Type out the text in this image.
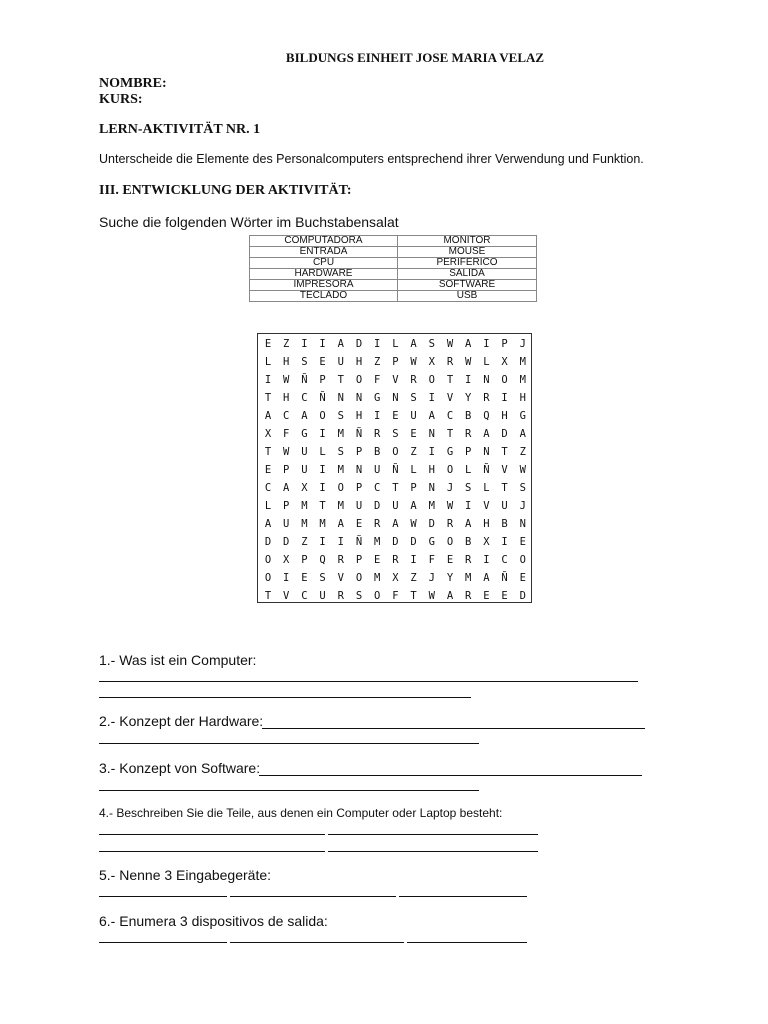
BILDUNGS EINHEIT JOSE MARIA VELAZ
NOMBRE:
KURS:
LERN-AKTIVITÄT NR. 1
Unterscheide die Elemente des Personalcomputers entsprechend ihrer Verwendung und Funktion.
III. ENTWICKLUNG DER AKTIVITÄT:
Suche die folgenden Wörter im Buchstabensalat
COMPUTADORA	MONITOR
ENTRADA	MOUSE
CPU	PERIFERICO
HARDWARE	SALIDA
IMPRESORA	SOFTWARE
TECLADO	USB
E	Z	I	I	A	D	I	L	A	S	W	A	I	P	J
L	H	S	E	U	H	Z	P	W	X	R	W	L	X	M
I	W	Ñ	P	T	O	F	V	R	O	T	I	N	O	M
T	H	C	Ñ	N	N	G	N	S	I	V	Y	R	I	H
A	C	A	O	S	H	I	E	U	A	C	B	Q	H	G
X	F	G	I	M	Ñ	R	S	E	N	T	R	A	D	A
T	W	U	L	S	P	B	O	Z	I	G	P	N	T	Z
E	P	U	I	M	N	U	Ñ	L	H	O	L	Ñ	V	W
C	A	X	I	O	P	C	T	P	N	J	S	L	T	S
L	P	M	T	M	U	D	U	A	M	W	I	V	U	J
A	U	M	M	A	E	R	A	W	D	R	A	H	B	N
D	D	Z	I	I	Ñ	M	D	D	G	O	B	X	I	E
O	X	P	Q	R	P	E	R	I	F	E	R	I	C	O
O	I	E	S	V	O	M	X	Z	J	Y	M	A	Ñ	E
T	V	C	U	R	S	O	F	T	W	A	R	E	E	D
1.- Was ist ein Computer:
2.- Konzept der Hardware:
3.- Konzept von Software:
4.- Beschreiben Sie die Teile, aus denen ein Computer oder Laptop besteht:
5.- Nenne 3 Eingabegeräte:
6.- Enumera 3 dispositivos de salida:
